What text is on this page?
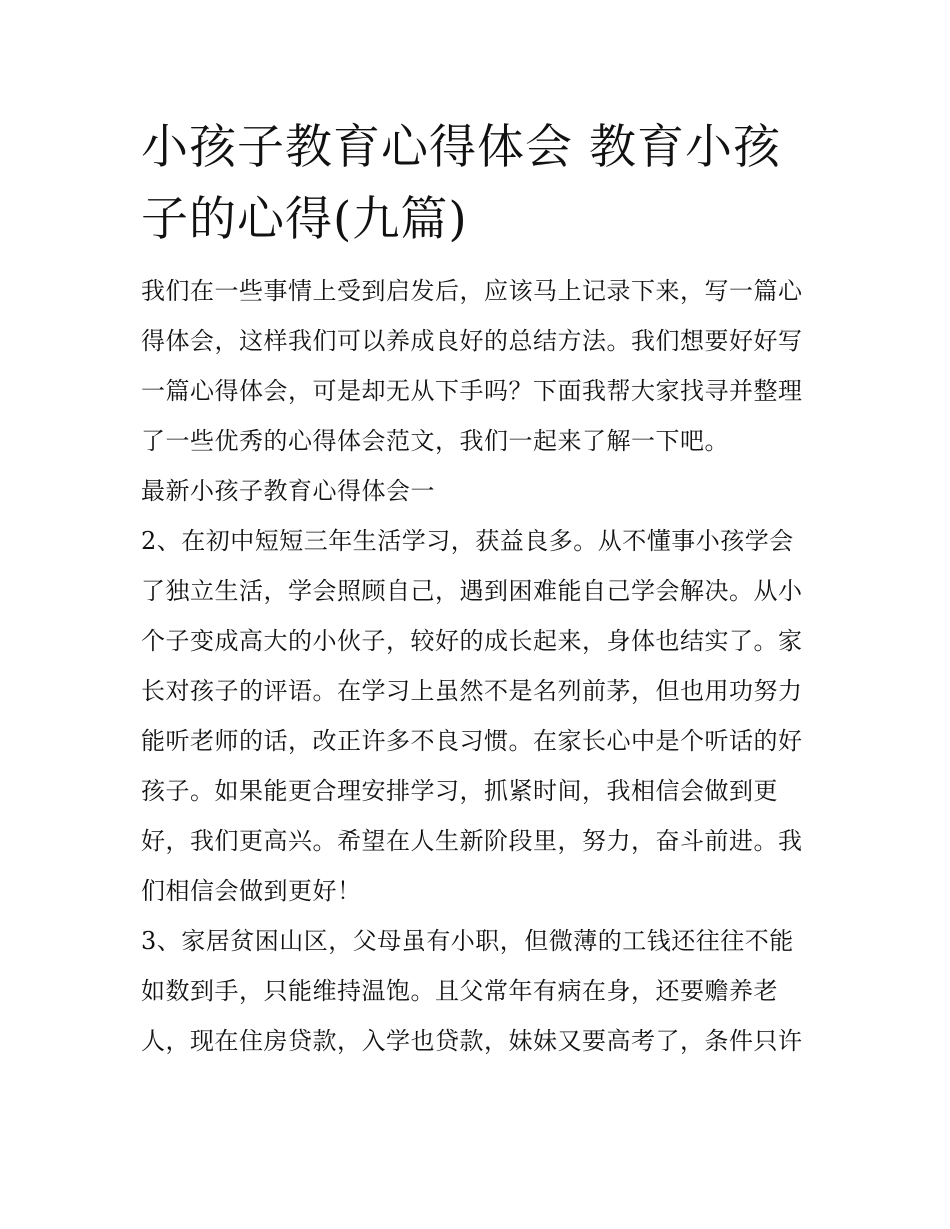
小孩子教育心得体会 教育小孩子的心得(九篇)

我们在一些事情上受到启发后，应该马上记录下来，写一篇心得体会，这样我们可以养成良好的总结方法。我们想要好好写一篇心得体会，可是却无从下手吗？下面我帮大家找寻并整理了一些优秀的心得体会范文，我们一起来了解一下吧。

最新小孩子教育心得体会一

2、在初中短短三年生活学习，获益良多。从不懂事小孩学会了独立生活，学会照顾自己，遇到困难能自己学会解决。从小个子变成高大的小伙子，较好的成长起来，身体也结实了。家长对孩子的评语。在学习上虽然不是名列前茅，但也用功努力能听老师的话，改正许多不良习惯。在家长心中是个听话的好孩子。如果能更合理安排学习，抓紧时间，我相信会做到更好，我们更高兴。希望在人生新阶段里，努力，奋斗前进。我们相信会做到更好！

3、家居贫困山区，父母虽有小职，但微薄的工钱还往往不能如数到手，只能维持温饱。且父常年有病在身，还要赡养老人，现在住房贷款，入学也贷款，妹妹又要高考了，条件只许
